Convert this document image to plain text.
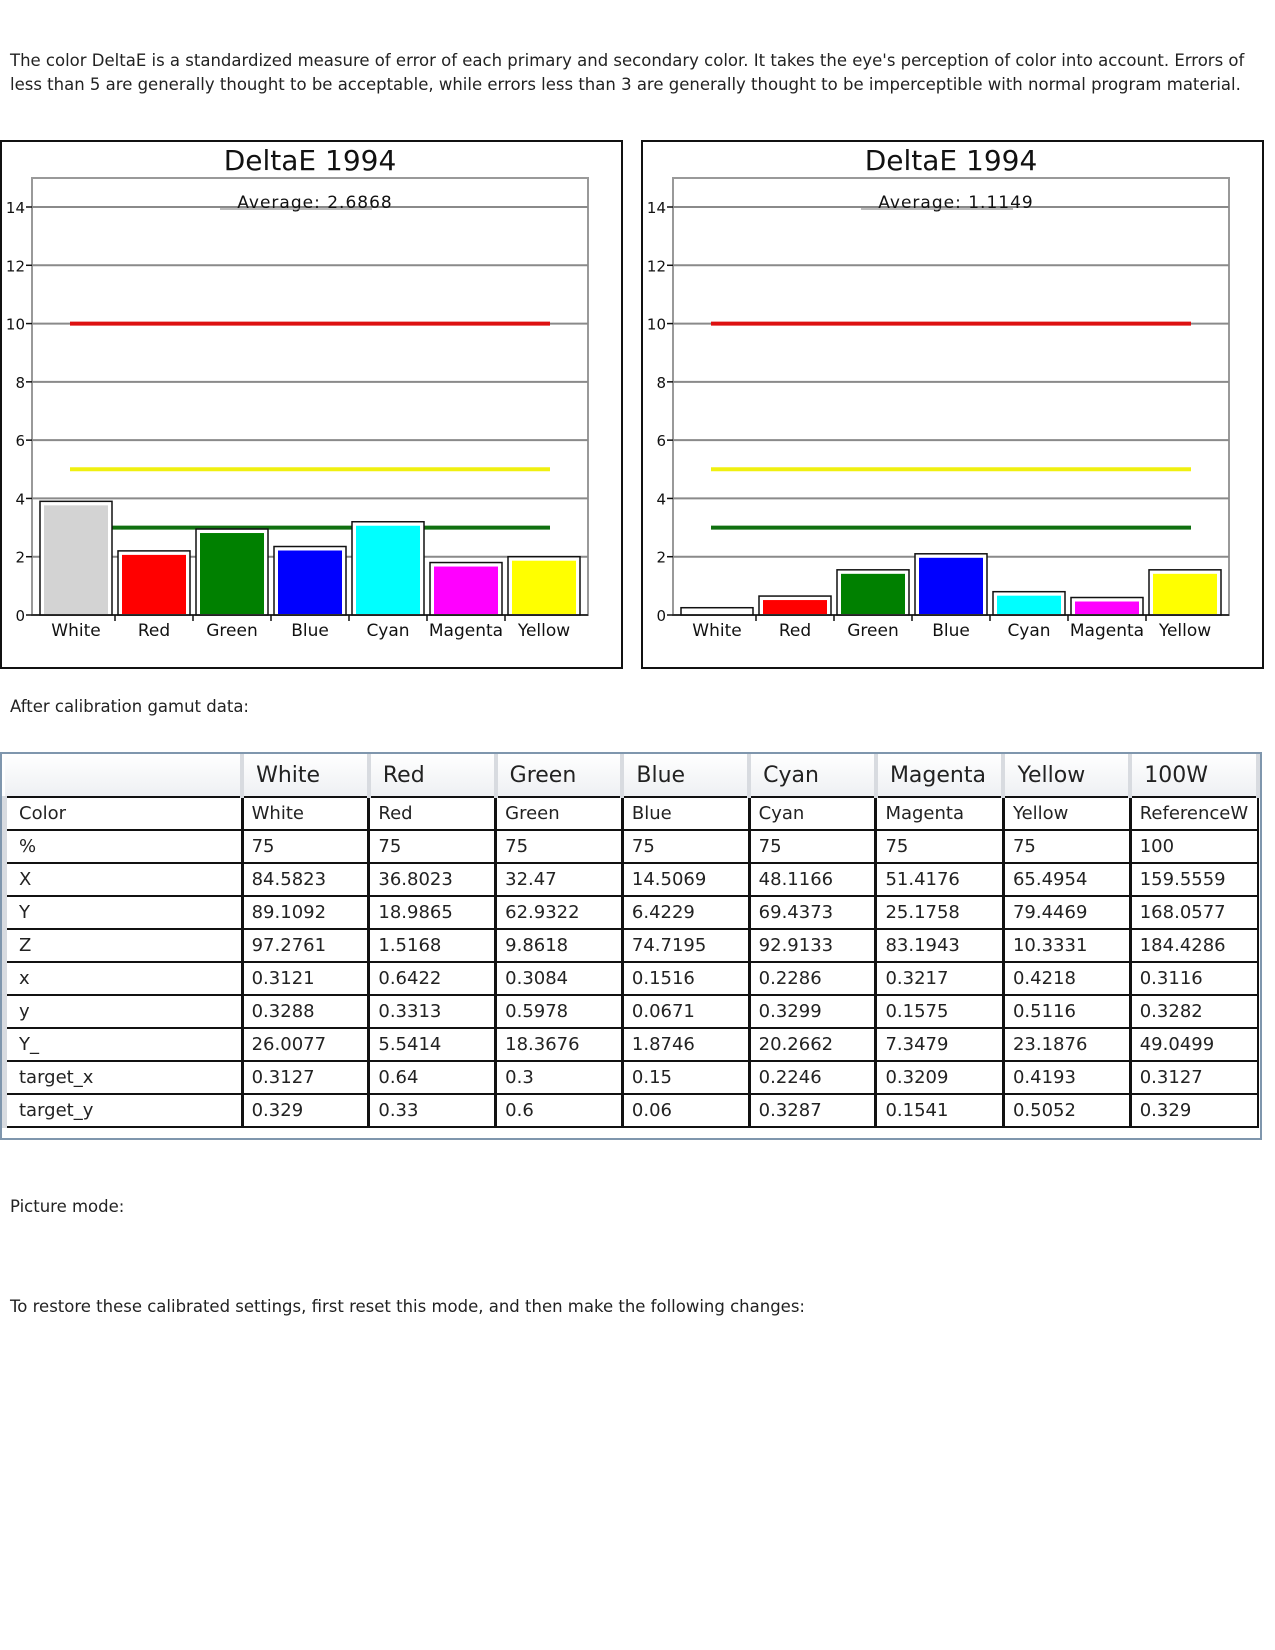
The color DeltaE is a standardized measure of error of each primary and secondary color. It takes the eye's perception of color into account. Errors of less than 5 are generally thought to be acceptable, while errors less than 3 are generally thought to be imperceptible with normal program material.
DeltaE 1994
0
2
4
6
8
10
12
14	Average: 2.6868
White Red Green Blue Cyan Magenta Yellow
DeltaE 1994
0
2
4
6
8
10
12
14	Average: 1.1149
White Red Green Blue Cyan Magenta Yellow
After calibration gamut data:
	White	Red	Green	Blue	Cyan	Magenta	Yellow	100W
Color	White	Red	Green	Blue	Cyan	Magenta	Yellow	ReferenceW
%	75	75	75	75	75	75	75	100
X	84.5823	36.8023	32.47	14.5069	48.1166	51.4176	65.4954	159.5559
Y	89.1092	18.9865	62.9322	6.4229	69.4373	25.1758	79.4469	168.0577
Z	97.2761	1.5168	9.8618	74.7195	92.9133	83.1943	10.3331	184.4286
x	0.3121	0.6422	0.3084	0.1516	0.2286	0.3217	0.4218	0.3116
y	0.3288	0.3313	0.5978	0.0671	0.3299	0.1575	0.5116	0.3282
Y_	26.0077	5.5414	18.3676	1.8746	20.2662	7.3479	23.1876	49.0499
target_x	0.3127	0.64	0.3	0.15	0.2246	0.3209	0.4193	0.3127
target_y	0.329	0.33	0.6	0.06	0.3287	0.1541	0.5052	0.329
Picture mode:
To restore these calibrated settings, first reset this mode, and then make the following changes:
